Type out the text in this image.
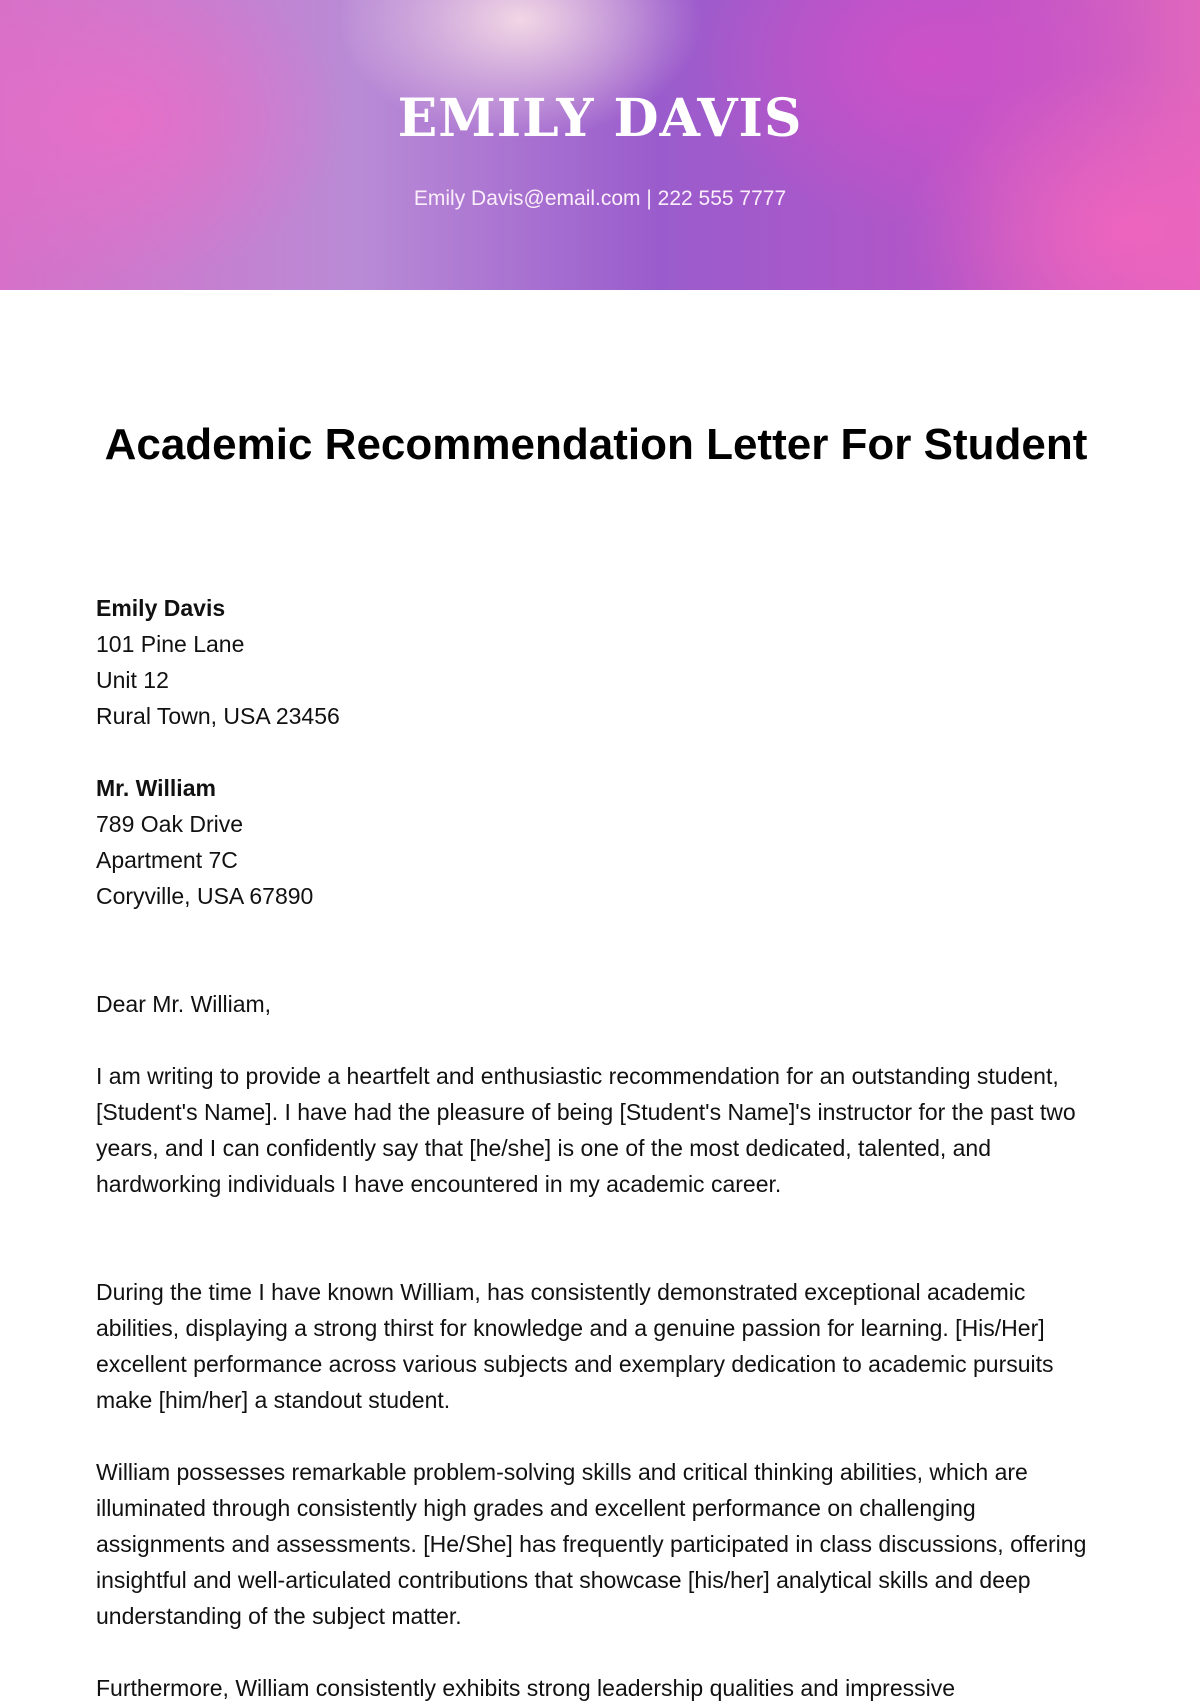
EMILY DAVIS
Emily Davis@email.com | 222 555 7777
Academic Recommendation Letter For Student
Emily Davis
101 Pine Lane
Unit 12
Rural Town, USA 23456
Mr. William
789 Oak Drive
Apartment 7C
Coryville, USA 67890

Dear Mr. William,

I am writing to provide a heartfelt and enthusiastic recommendation for an outstanding student, [Student's Name]. I have had the pleasure of being [Student's Name]'s instructor for the past two years, and I can confidently say that [he/she] is one of the most dedicated, talented, and hardworking individuals I have encountered in my academic career.

During the time I have known William, has consistently demonstrated exceptional academic abilities, displaying a strong thirst for knowledge and a genuine passion for learning. [His/Her] excellent performance across various subjects and exemplary dedication to academic pursuits make [him/her] a standout student.

William possesses remarkable problem-solving skills and critical thinking abilities, which are illuminated through consistently high grades and excellent performance on challenging assignments and assessments. [He/She] has frequently participated in class discussions, offering insightful and well-articulated contributions that showcase [his/her] analytical skills and deep understanding of the subject matter.

Furthermore, William consistently exhibits strong leadership qualities and impressive
